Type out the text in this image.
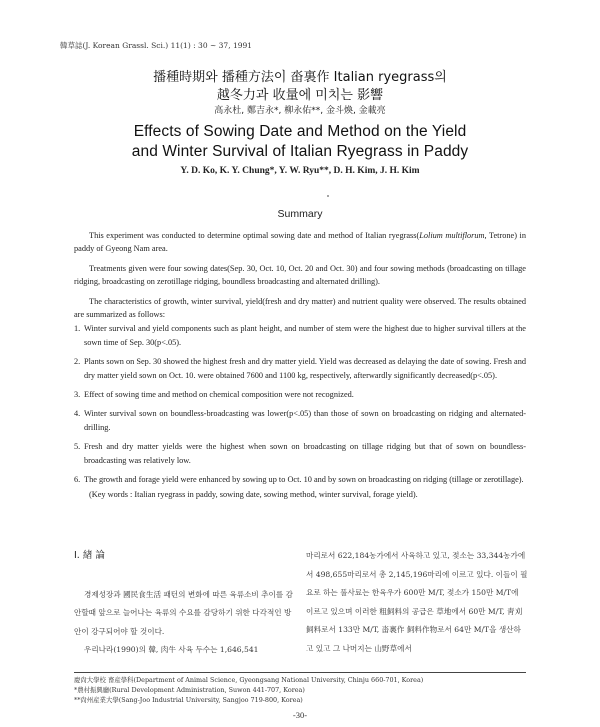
韓草誌(J. Korean Grassl. Sci.) 11(1) : 30 ~ 37, 1991
播種時期와 播種方法이 畓裏作 Italian ryegrass의
越冬力과 收量에 미치는 影響
高永杜, 鄭吉永*, 柳永佑**, 金斗煥, 金載亮
Effects of Sowing Date and Method on the Yield
and Winter Survival of Italian Ryegrass in Paddy
Y. D. Ko, K. Y. Chung*, Y. W. Ryu**, D. H. Kim, J. H. Kim
Summary

This experiment was conducted to determine optimal sowing date and method of Italian ryegrass(Lolium multiflorum, Tetrone) in paddy of Gyeong Nam area.

Treatments given were four sowing dates(Sep. 30, Oct. 10, Oct. 20 and Oct. 30) and four sowing methods (broadcasting on tillage ridging, broadcasting on zerotillage ridging, boundless broadcasting and alternated drilling).

The characteristics of growth, winter survival, yield(fresh and dry matter) and nutrient quality were observed. The results obtained are summarized as follows:

1. Winter survival and yield components such as plant height, and number of stem were the highest due to higher survival tillers at the sown time of Sep. 30(p<.05).
2. Plants sown on Sep. 30 showed the highest fresh and dry matter yield. Yield was decreased as delaying the date of sowing. Fresh and dry matter yield sown on Oct. 10. were obtained 7600 and 1100 kg, respectively, afterwardly significantly decreased(p<.05).
3. Effect of sowing time and method on chemical composition were not recognized.
4. Winter survival sown on boundless-broadcasting was lower(p<.05) than those of sown on broadcasting on ridging and alternated-drilling.
5. Fresh and dry matter yields were the highest when sown on broadcasting on tillage ridging but that of sown on boundless-broadcasting was relatively low.
6. The growth and forage yield were enhanced by sowing up to Oct. 10 and by sown on broadcasting on ridging (tillage or zerotillage).

(Key words : Italian ryegrass in paddy, sowing date, sowing method, winter survival, forage yield).

Ⅰ. 緖 論

경제성장과 國民食生活 패턴의 변화에 따른 육류소비 추이를 감안할때 앞으로 늘어나는 육류의 수요를 감당하기 위한 다각적인 방안이 강구되어야 할 것이다.

우리나라(1990)의 韓, 肉牛 사육 두수는 1,646,541

마리로서 622,184농가에서 사육하고 있고, 젖소는 33,344농가에서 498,655마리로서 총 2,145,196마리에 이르고 있다. 이들이 필요로 하는 풀사료는 한육우가 600만 M/T, 젖소가 150만 M/T에 이르고 있으며 이러한 粗飼料의 공급은 草地에서 60만 M/T, 靑刈飼料로서 133만 M/T, 畓裏作 飼料作物로서 64만 M/T을 생산하고 있고 그 나머지는 山野草에서

慶尙大學校 畜産學科(Department of Animal Science, Gyeongsang National University, Chinju 660-701, Korea)
*農村振興廳(Rural Development Administration, Suwon 441-707, Korea)
**尙州産業大學(Sang-Joo Industrial University, Sangjoo 719-800, Korea)
-30-
